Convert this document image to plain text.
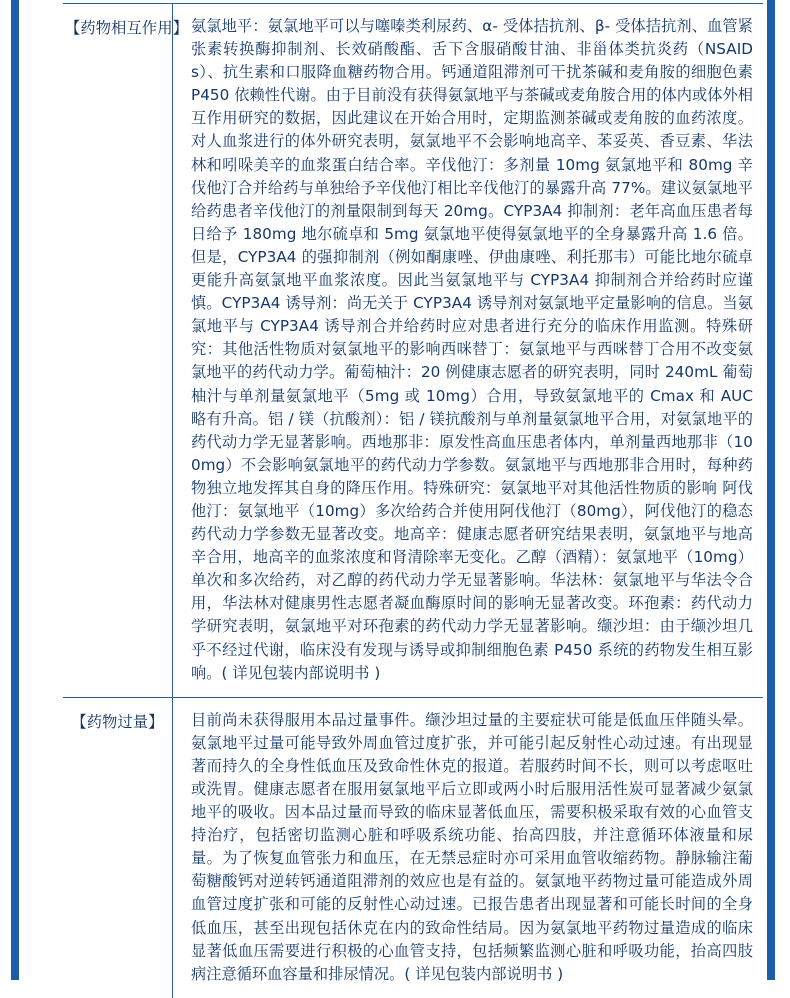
【药物相互作用】 氨氯地平：氨氯地平可以与噻嗪类利尿药、α- 受体拮抗剂、β- 受体拮抗剂、血管紧张素转换酶抑制剂、长效硝酸酯、舌下含服硝酸甘油、非甾体类抗炎药（NSAIDs）、抗生素和口服降血糖药物合用。钙通道阻滞剂可干扰茶碱和麦角胺的细胞色素 P450 依赖性代谢。由于目前没有获得氨氯地平与茶碱或麦角胺合用的体内或体外相互作用研究的数据，因此建议在开始合用时，定期监测茶碱或麦角胺的血药浓度。对人血浆进行的体外研究表明，氨氯地平不会影响地高辛、苯妥英、香豆素、华法林和吲哚美辛的血浆蛋白结合率。辛伐他汀：多剂量 10mg 氨氯地平和 80mg 辛伐他汀合并给药与单独给予辛伐他汀相比辛伐他汀的暴露升高 77%。建议氨氯地平给药患者辛伐他汀的剂量限制到每天 20mg。CYP3A4 抑制剂：老年高血压患者每日给予 180mg 地尔硫卓和 5mg 氨氯地平使得氨氯地平的全身暴露升高 1.6 倍。但是，CYP3A4 的强抑制剂（例如酮康唑、伊曲康唑、利托那韦）可能比地尔硫卓更能升高氨氯地平血浆浓度。因此当氨氯地平与 CYP3A4 抑制剂合并给药时应谨慎。CYP3A4 诱导剂：尚无关于 CYP3A4 诱导剂对氨氯地平定量影响的信息。当氨氯地平与 CYP3A4 诱导剂合并给药时应对患者进行充分的临床作用监测。特殊研究：其他活性物质对氨氯地平的影响西咪替丁：氨氯地平与西咪替丁合用不改变氨氯地平的药代动力学。葡萄柚汁：20 例健康志愿者的研究表明，同时 240mL 葡萄柚汁与单剂量氨氯地平（5mg 或 10mg）合用，导致氨氯地平的 Cmax 和 AUC 略有升高。铝 / 镁（抗酸剂）：铝 / 镁抗酸剂与单剂量氨氯地平合用，对氨氯地平的药代动力学无显著影响。西地那非：原发性高血压患者体内，单剂量西地那非（100mg）不会影响氨氯地平的药代动力学参数。氨氯地平与西地那非合用时，每种药物独立地发挥其自身的降压作用。特殊研究：氨氯地平对其他活性物质的影响 阿伐他汀：氨氯地平（10mg）多次给药合并使用阿伐他汀（80mg），阿伐他汀的稳态药代动力学参数无显著改变。地高辛：健康志愿者研究结果表明，氨氯地平与地高辛合用，地高辛的血浆浓度和肾清除率无变化。乙醇（酒精）：氨氯地平（10mg）单次和多次给药，对乙醇的药代动力学无显著影响。华法林：氨氯地平与华法令合用，华法林对健康男性志愿者凝血酶原时间的影响无显著改变。环孢素：药代动力学研究表明，氨氯地平对环孢素的药代动力学无显著影响。缬沙坦：由于缬沙坦几乎不经过代谢，临床没有发现与诱导或抑制细胞色素 P450 系统的药物发生相互影响。( 详见包装内部说明书 )

【药物过量】	目前尚未获得服用本品过量事件。缬沙坦过量的主要症状可能是低血压伴随头晕。氨氯地平过量可能导致外周血管过度扩张，并可能引起反射性心动过速。有出现显著而持久的全身性低血压及致命性休克的报道。若服药时间不长，则可以考虑呕吐或洗胃。健康志愿者在服用氨氯地平后立即或两小时后服用活性炭可显著减少氨氯地平的吸收。因本品过量而导致的临床显著低血压，需要积极采取有效的心血管支持治疗，包括密切监测心脏和呼吸系统功能、抬高四肢，并注意循环体液量和尿量。为了恢复血管张力和血压，在无禁忌症时亦可采用血管收缩药物。静脉输注葡萄糖酸钙对逆转钙通道阻滞剂的效应也是有益的。氨氯地平药物过量可能造成外周血管过度扩张和可能的反射性心动过速。已报告患者出现显著和可能长时间的全身低血压，甚至出现包括休克在内的致命性结局。因为氨氯地平药物过量造成的临床显著低血压需要进行积极的心血管支持，包括频繁监测心脏和呼吸功能，抬高四肢病注意循环血容量和排尿情况。( 详见包装内部说明书 )
